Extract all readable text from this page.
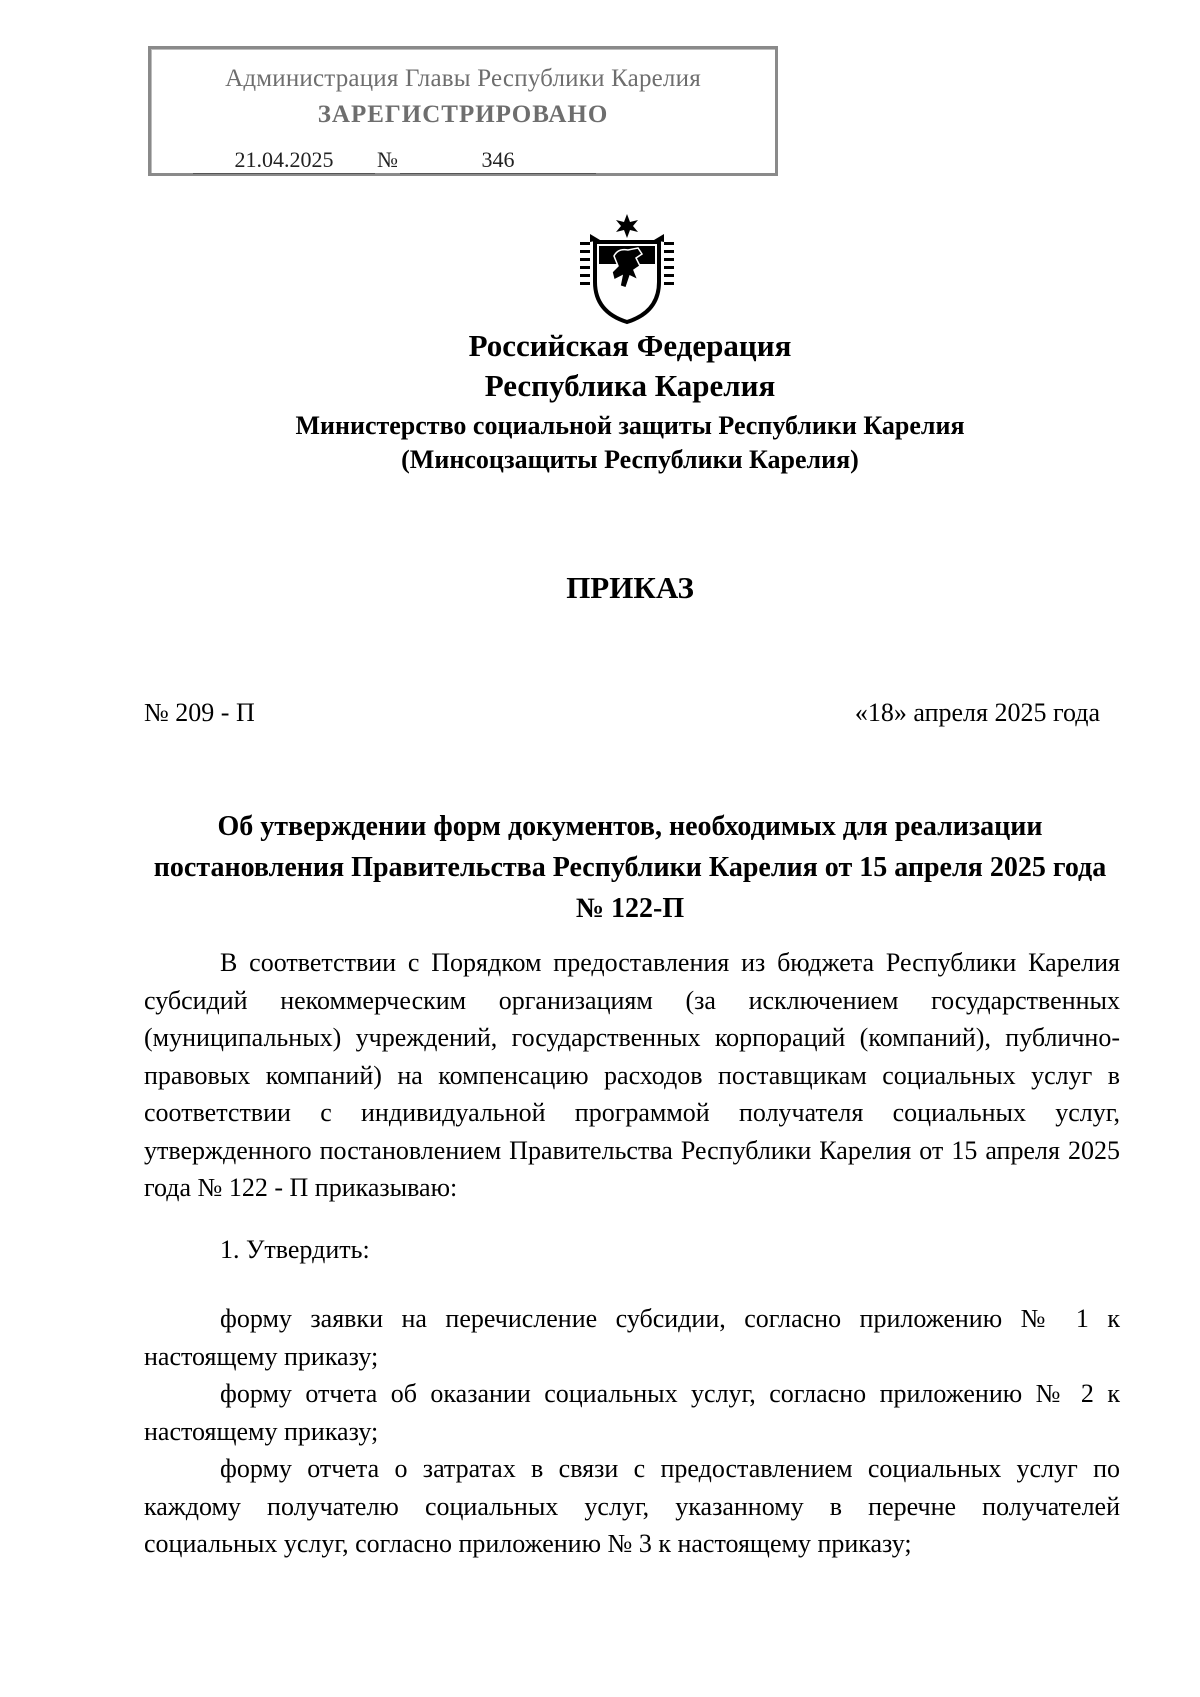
Администрация Главы Республики Карелия
ЗАРЕГИСТРИРОВАНО
21.04.2025 №	346
Российская Федерация
Республика Карелия
Министерство социальной защиты Республики Карелия
(Минсоцзащиты Республики Карелия)
ПРИКАЗ
№ 209 - П	«18» апреля 2025 года
Об утверждении форм документов, необходимых для реализации постановления Правительства Республики Карелия от 15 апреля 2025 года № 122-П
В соответствии с Порядком предоставления из бюджета Республики Карелия субсидий некоммерческим организациям (за исключением государственных (муниципальных) учреждений, государственных корпораций (компаний), публично-правовых компаний) на компенсацию расходов поставщикам социальных услуг в соответствии с индивидуальной программой получателя социальных услуг, утвержденного постановлением Правительства Республики Карелия от 15 апреля 2025 года № 122 - П приказываю:
1. Утвердить:
форму заявки на перечисление субсидии, согласно приложению № 1 к настоящему приказу;
форму отчета об оказании социальных услуг, согласно приложению № 2 к настоящему приказу;
форму отчета о затратах в связи с предоставлением социальных услуг по каждому получателю социальных услуг, указанному в перечне получателей социальных услуг, согласно приложению № 3 к настоящему приказу;
